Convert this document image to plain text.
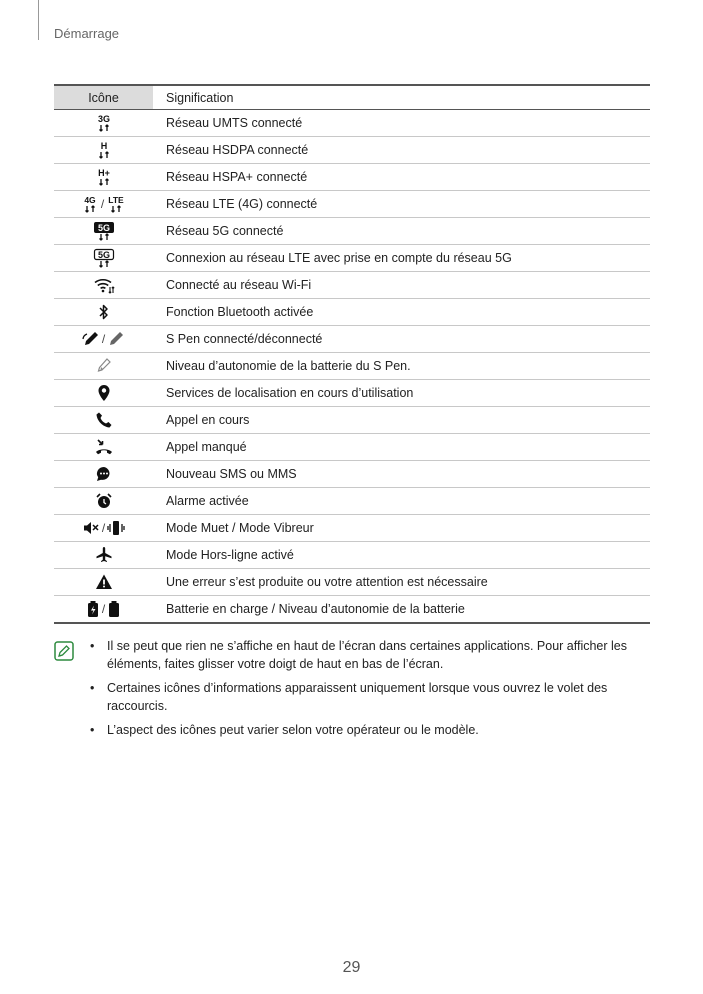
Démarrage
Icône	Signification

3G	Réseau UMTS connecté

H	Réseau HSDPA connecté

H+	Réseau HSPA+ connecté

4G / LTE	Réseau LTE (4G) connecté

5G	Réseau 5G connecté

5G	Connexion au réseau LTE avec prise en compte du réseau 5G
	Connecté au réseau Wi-Fi
	Fonction Bluetooth activée
/	S Pen connecté/déconnecté
	Niveau d’autonomie de la batterie du S Pen.
	Services de localisation en cours d’utilisation
	Appel en cours
	Appel manqué
	Nouveau SMS ou MMS
	Alarme activée
/	Mode Muet / Mode Vibreur
	Mode Hors-ligne activé
	Une erreur s’est produite ou votre attention est nécessaire
/	Batterie en charge / Niveau d’autonomie de la batterie
• Il se peut que rien ne s’affiche en haut de l’écran dans certaines applications. Pour afficher les éléments, faites glisser votre doigt de haut en bas de l’écran.
• Certaines icônes d’informations apparaissent uniquement lorsque vous ouvrez le volet des raccourcis.
• L’aspect des icônes peut varier selon votre opérateur ou le modèle.
29
